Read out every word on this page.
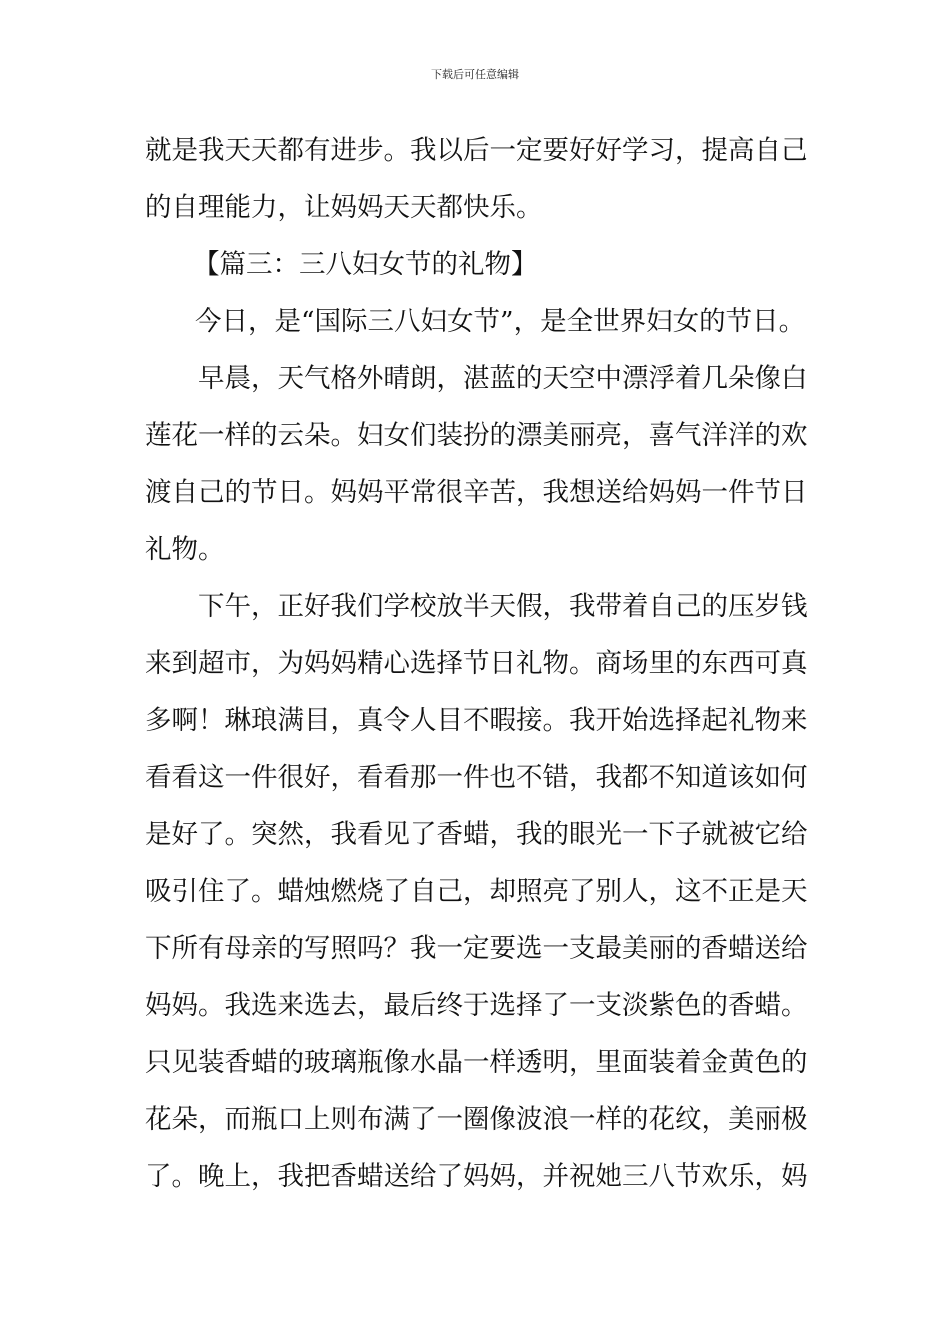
下载后可任意编辑
就是我天天都有进步。我以后一定要好好学习，提高自己
的自理能力，让妈妈天天都快乐。
【篇三：三八妇女节的礼物】
今日，是“国际三八妇女节”，是全世界妇女的节日。
早晨，天气格外晴朗，湛蓝的天空中漂浮着几朵像白
莲花一样的云朵。妇女们装扮的漂美丽亮，喜气洋洋的欢
渡自己的节日。妈妈平常很辛苦，我想送给妈妈一件节日
礼物。
下午，正好我们学校放半天假，我带着自己的压岁钱
来到超市，为妈妈精心选择节日礼物。商场里的东西可真
多啊！琳琅满目，真令人目不暇接。我开始选择起礼物来
看看这一件很好，看看那一件也不错，我都不知道该如何
是好了。突然，我看见了香蜡，我的眼光一下子就被它给
吸引住了。蜡烛燃烧了自己，却照亮了别人，这不正是天
下所有母亲的写照吗？我一定要选一支最美丽的香蜡送给
妈妈。我选来选去，最后终于选择了一支淡紫色的香蜡。
只见装香蜡的玻璃瓶像水晶一样透明，里面装着金黄色的
花朵，而瓶口上则布满了一圈像波浪一样的花纹，美丽极
了。晚上，我把香蜡送给了妈妈，并祝她三八节欢乐，妈
